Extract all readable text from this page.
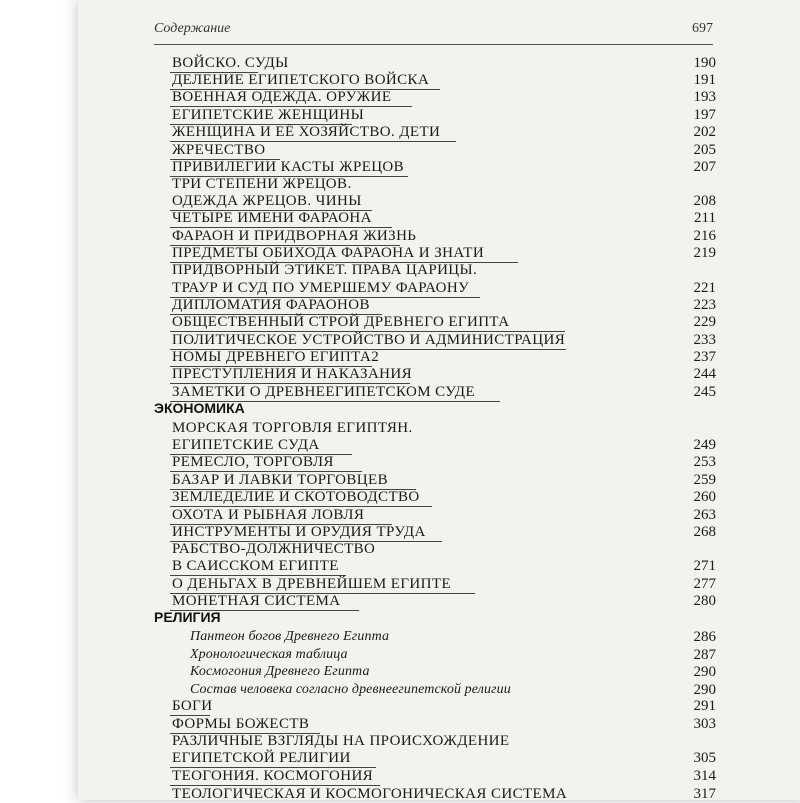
Содержание	697
ВОЙСКО. СУДЫ	190
ДЕЛЕНИЕ ЕГИПЕТСКОГО ВОЙСКА	191
ВОЕННАЯ ОДЕЖДА. ОРУЖИЕ	193
ЕГИПЕТСКИЕ ЖЕНЩИНЫ	197
ЖЕНЩИНА И ЕЁ ХОЗЯЙСТВО. ДЕТИ	202
ЖРЕЧЕСТВО	205
ПРИВИЛЕГИИ КАСТЫ ЖРЕЦОВ	207
ТРИ СТЕПЕНИ ЖРЕЦОВ.
ОДЕЖДА ЖРЕЦОВ. ЧИНЫ	208
ЧЕТЫРЕ ИМЕНИ ФАРАОНА	211
ФАРАОН И ПРИДВОРНАЯ ЖИЗНЬ	216
ПРЕДМЕТЫ ОБИХОДА ФАРАОНА И ЗНАТИ	219
ПРИДВОРНЫЙ ЭТИКЕТ. ПРАВА ЦАРИЦЫ.
ТРАУР И СУД ПО УМЕРШЕМУ ФАРАОНУ	221
ДИПЛОМАТИЯ ФАРАОНОВ	223
ОБЩЕСТВЕННЫЙ СТРОЙ ДРЕВНЕГО ЕГИПТА	229
ПОЛИТИЧЕСКОЕ УСТРОЙСТВО И АДМИНИСТРАЦИЯ	233
НОМЫ ДРЕВНЕГО ЕГИПТА2	237
ПРЕСТУПЛЕНИЯ И НАКАЗАНИЯ	244
ЗАМЕТКИ О ДРЕВНЕЕГИПЕТСКОМ СУДЕ	245
ЭКОНОМИКА
МОРСКАЯ ТОРГОВЛЯ ЕГИПТЯН.
ЕГИПЕТСКИЕ СУДА	249
РЕМЕСЛО, ТОРГОВЛЯ	253
БАЗАР И ЛАВКИ ТОРГОВЦЕВ	259
ЗЕМЛЕДЕЛИЕ И СКОТОВОДСТВО	260
ОХОТА И РЫБНАЯ ЛОВЛЯ	263
ИНСТРУМЕНТЫ И ОРУДИЯ ТРУДА	268
РАБСТВО-ДОЛЖНИЧЕСТВО
В САИССКОМ ЕГИПТЕ	271
О ДЕНЬГАХ В ДРЕВНЕЙШЕМ ЕГИПТЕ	277
МОНЕТНАЯ СИСТЕМА	280
РЕЛИГИЯ
Пантеон богов Древнего Египта	286
Хронологическая таблица	287
Космогония Древнего Египта	290
Состав человека согласно древнеегипетской религии	290
БОГИ	291
ФОРМЫ БОЖЕСТВ	303
РАЗЛИЧНЫЕ ВЗГЛЯДЫ НА ПРОИСХОЖДЕНИЕ
ЕГИПЕТСКОЙ РЕЛИГИИ	305
ТЕОГОНИЯ. КОСМОГОНИЯ	314
ТЕОЛОГИЧЕСКАЯ И КОСМОГОНИЧЕСКАЯ СИСТЕМА	317
